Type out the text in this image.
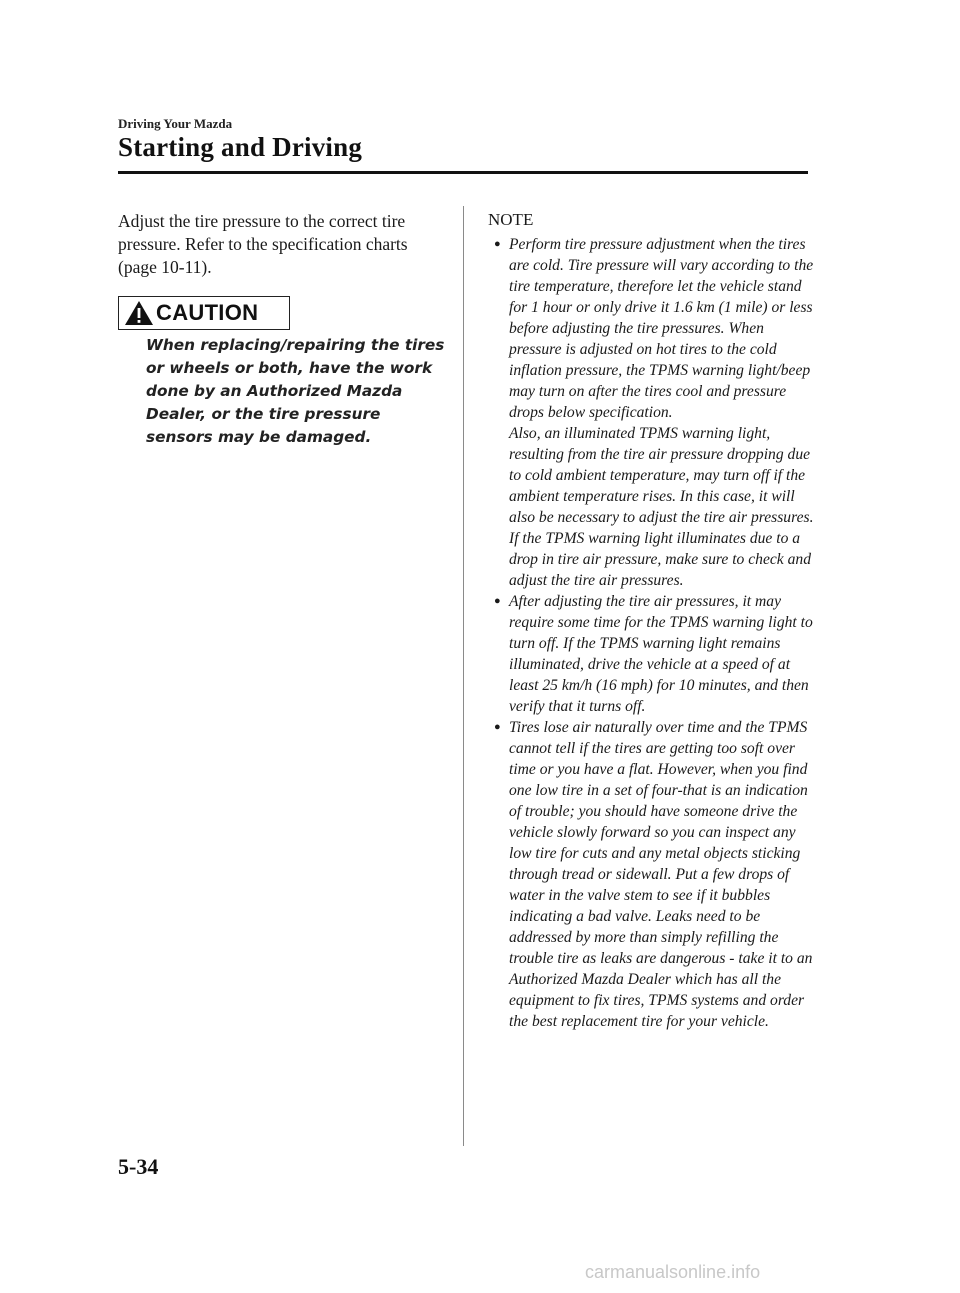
Driving Your Mazda
Starting and Driving

Adjust the tire pressure to the correct tire pressure. Refer to the specification charts (page 10-11).

CAUTION

When replacing/repairing the tires or wheels or both, have the work done by an Authorized Mazda Dealer, or the tire pressure sensors may be damaged.

NOTE

● Perform tire pressure adjustment when the tires are cold. Tire pressure will vary according to the tire temperature, therefore let the vehicle stand for 1 hour or only drive it 1.6 km (1 mile) or less before adjusting the tire pressures. When pressure is adjusted on hot tires to the cold inflation pressure, the TPMS warning light/beep may turn on after the tires cool and pressure drops below specification.
Also, an illuminated TPMS warning light, resulting from the tire air pressure dropping due to cold ambient temperature, may turn off if the ambient temperature rises. In this case, it will also be necessary to adjust the tire air pressures. If the TPMS warning light illuminates due to a drop in tire air pressure, make sure to check and adjust the tire air pressures.
● After adjusting the tire air pressures, it may require some time for the TPMS warning light to turn off. If the TPMS warning light remains illuminated, drive the vehicle at a speed of at least 25 km/h (16 mph) for 10 minutes, and then verify that it turns off.
● Tires lose air naturally over time and the TPMS cannot tell if the tires are getting too soft over time or you have a flat. However, when you find one low tire in a set of four-that is an indication of trouble; you should have someone drive the vehicle slowly forward so you can inspect any low tire for cuts and any metal objects sticking through tread or sidewall. Put a few drops of water in the valve stem to see if it bubbles indicating a bad valve. Leaks need to be addressed by more than simply refilling the trouble tire as leaks are dangerous - take it to an Authorized Mazda Dealer which has all the equipment to fix tires, TPMS systems and order the best replacement tire for your vehicle.
5-34
carmanualsonline.info
